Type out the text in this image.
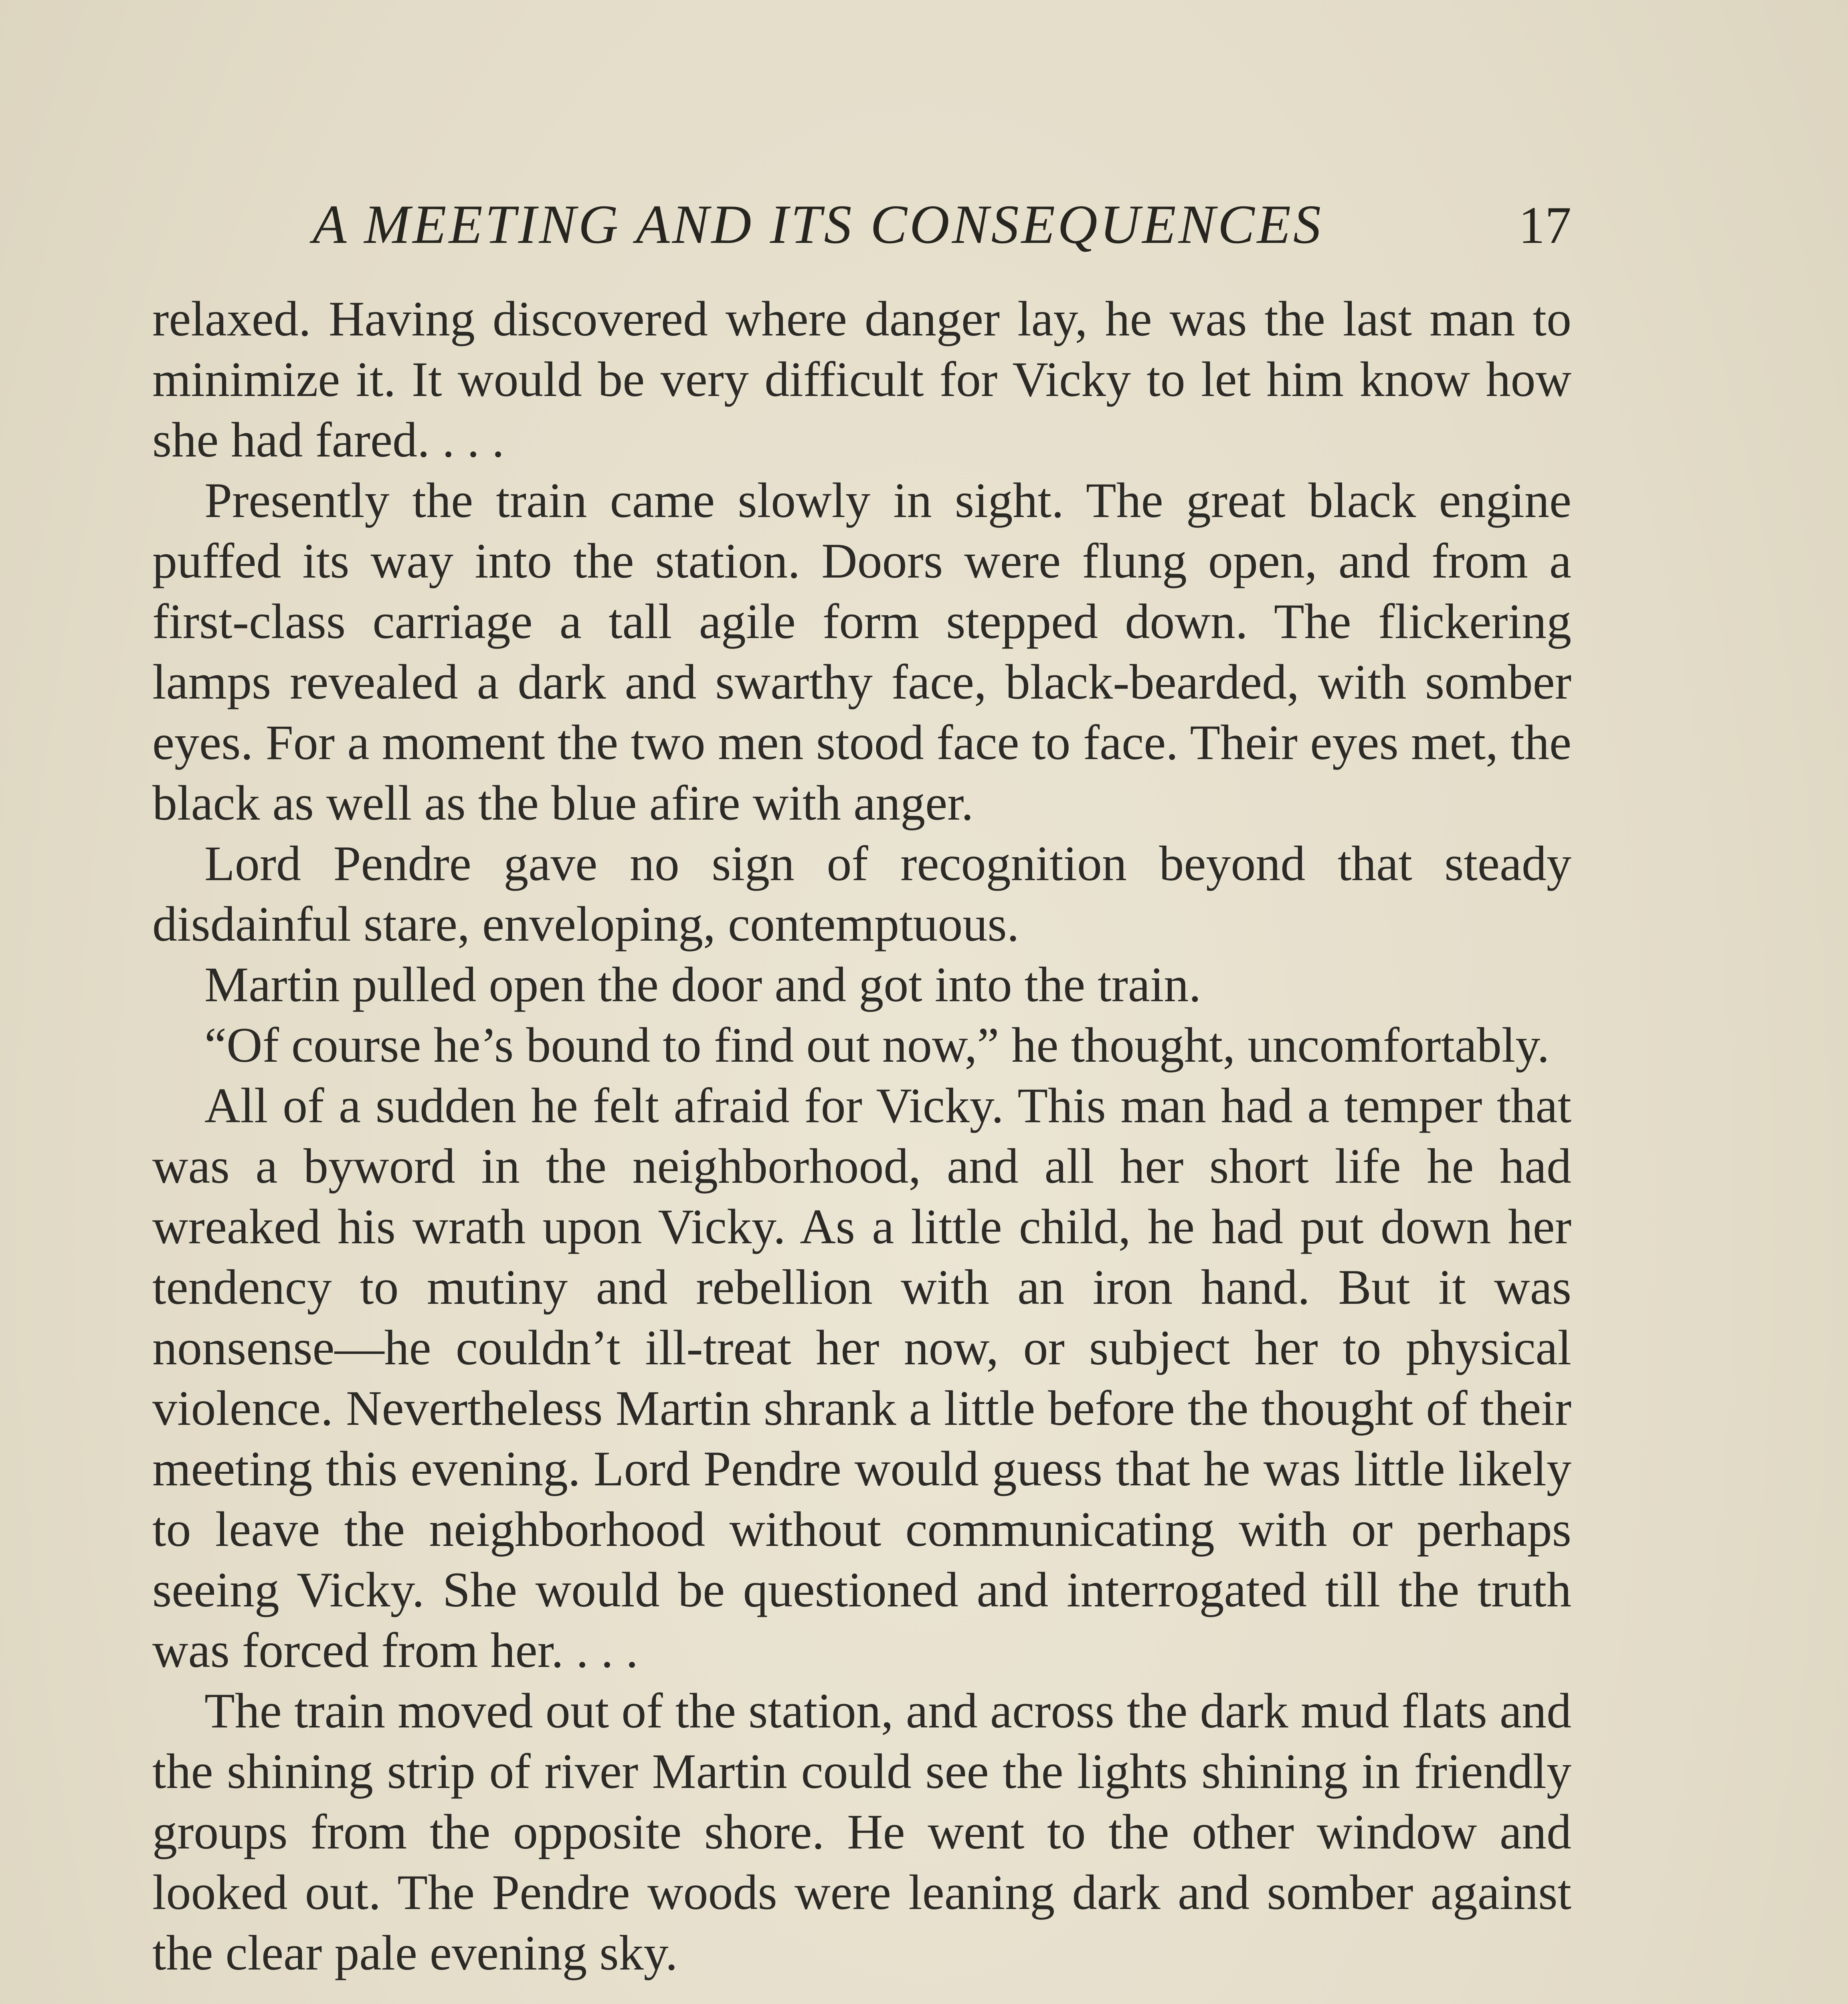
A MEETING AND ITS CONSEQUENCES	17

relaxed. Having discovered where danger lay, he was the last man to minimize it. It would be very difficult for Vicky to let him know how she had fared. . . .

Presently the train came slowly in sight. The great black engine puffed its way into the station. Doors were flung open, and from a first-class carriage a tall agile form stepped down. The flickering lamps revealed a dark and swarthy face, black-bearded, with somber eyes. For a moment the two men stood face to face. Their eyes met, the black as well as the blue afire with anger.

Lord Pendre gave no sign of recognition beyond that steady disdainful stare, enveloping, contemptuous.

Martin pulled open the door and got into the train.

“Of course he’s bound to find out now,” he thought, uncomfortably.

All of a sudden he felt afraid for Vicky. This man had a temper that was a byword in the neighborhood, and all her short life he had wreaked his wrath upon Vicky. As a little child, he had put down her tendency to mutiny and rebellion with an iron hand. But it was nonsense—he couldn’t ill-treat her now, or subject her to physical violence. Nevertheless Martin shrank a little before the thought of their meeting this evening. Lord Pendre would guess that he was little likely to leave the neighborhood without communicating with or perhaps seeing Vicky. She would be questioned and interrogated till the truth was forced from her. . . .

The train moved out of the station, and across the dark mud flats and the shining strip of river Martin could see the lights shining in friendly groups from the opposite shore. He went to the other window and looked out. The Pendre woods were leaning dark and somber against the clear pale evening sky.
